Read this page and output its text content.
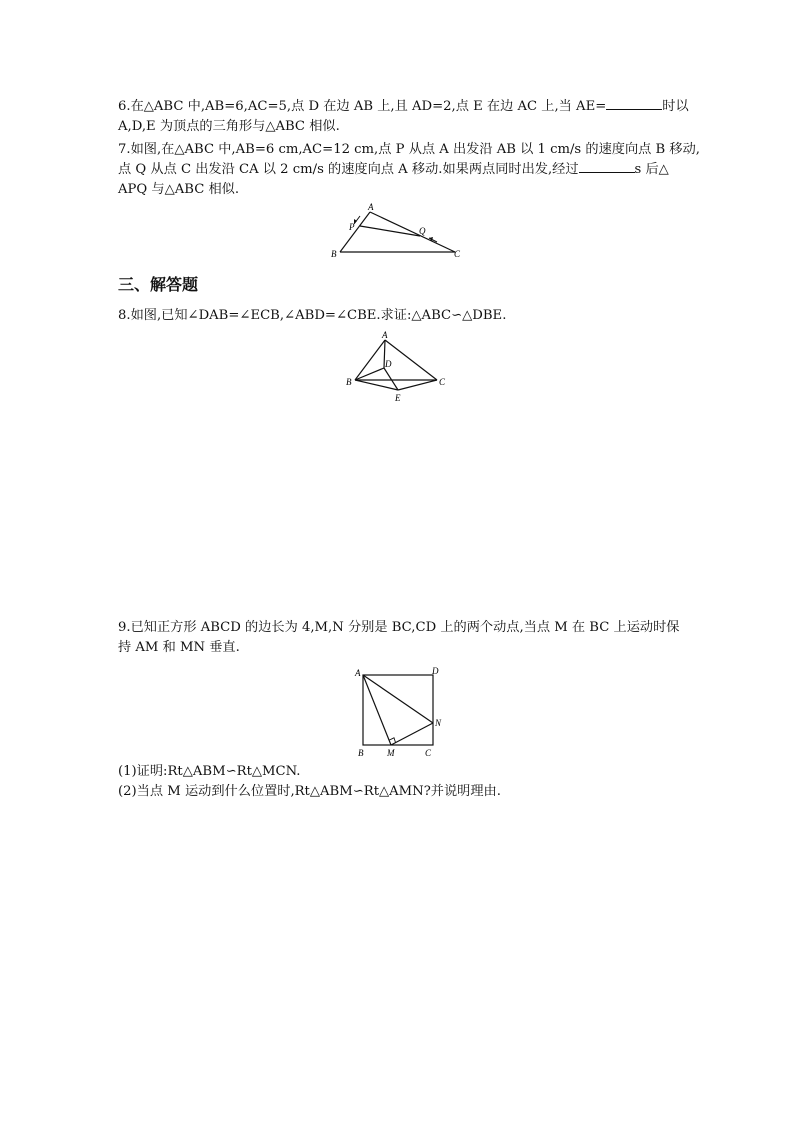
6.在△ABC 中,AB=6,AC=5,点 D 在边 AB 上,且 AD=2,点 E 在边 AC 上,当 AE=	时以

A,D,E 为顶点的三角形与△ABC 相似.

7.如图,在△ABC 中,AB=6 cm,AC=12 cm,点 P 从点 A 出发沿 AB 以 1 cm/s 的速度向点 B 移动,

点 Q 从点 C 出发沿 CA 以 2 cm/s 的速度向点 A 移动.如果两点同时出发,经过	s 后△

APQ 与△ABC 相似.

A
P	Q
B	C
三、解答题

8.如图,已知∠DAB=∠ECB,∠ABD=∠CBE.求证:△ABC∽△DBE.

A
D
B	C
E

9.已知正方形 ABCD 的边长为 4,M,N 分别是 BC,CD 上的两个动点,当点 M 在 BC 上运动时保

持 AM 和 MN 垂直.

A	D
N
B	M	C

(1)证明:Rt△ABM∽Rt△MCN.

(2)当点 M 运动到什么位置时,Rt△ABM∽Rt△AMN?并说明理由.
